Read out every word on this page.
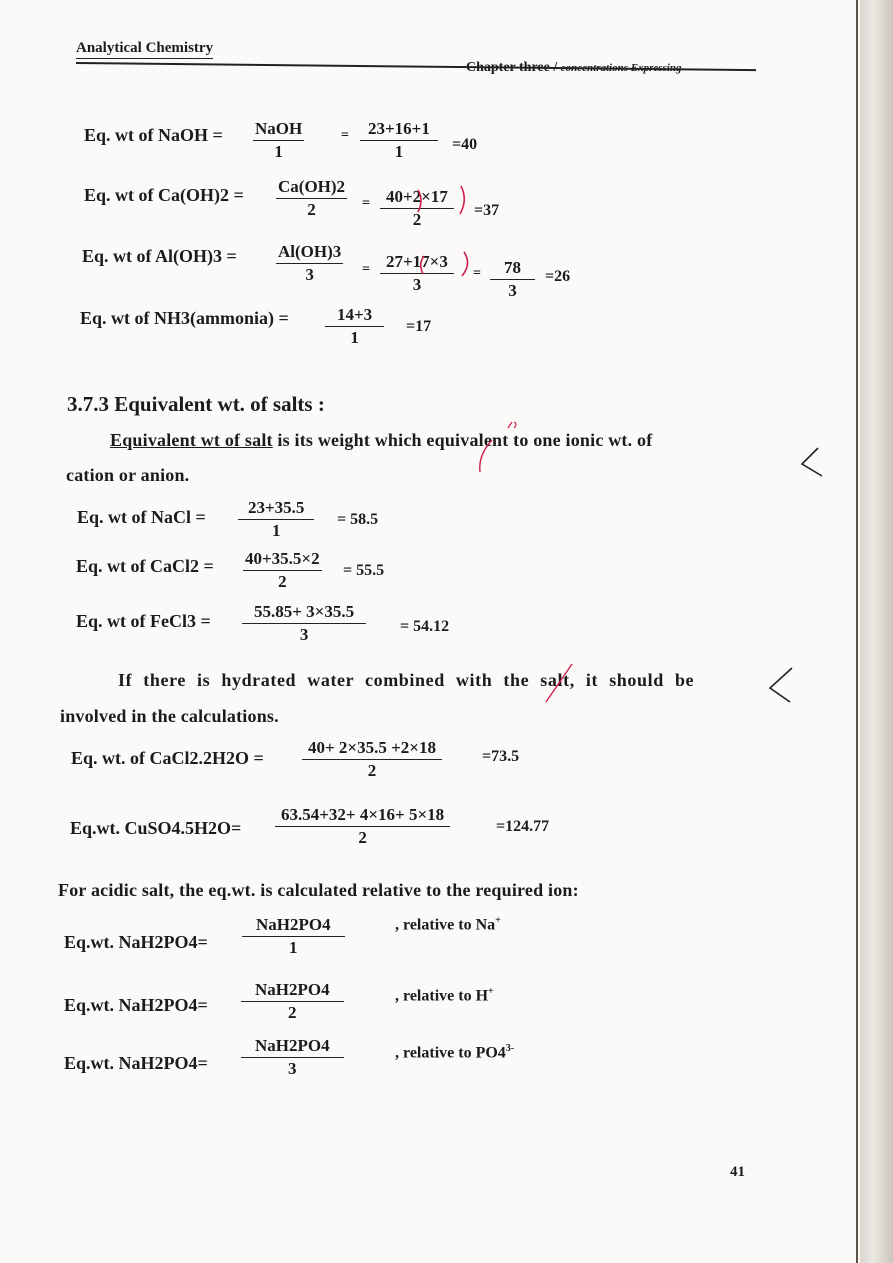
Analytical Chemistry
Eq. wt of NaOH = NaOH
1
= $\frac{23+16+1}{1} =40$
Eq. wt of $Ca(OH)2 = \frac{Ca(OH)2}{2} = \frac{40+2\times 17}{2} =37$
Eq. wt of $Al(OH)3 = \frac{Al(OH)3}{3} = \frac{27+17\times 3}{3} = \frac{78}{3} =26$
Eq. wt of NH3(ammonia) = $\frac{14+3}{1} =17$
3.7.3 Equivalent wt. of salts :
Equivalent wt of salt is its weight which equivalent to one ionic wt. of
cation or anion.
Eq. wt of NaCl = $\frac{23+35.5}{1} = 58.5$
Eq. wt of CaCl2 = $\frac{40+35.5\times 2}{2} = 55.5$
Eq. wt of FeCl3 = $\frac{55.85+ 3\times 35.5}{3} = 54.12$
If there is hydrated water combined with the salt, it should be
involved in the calculations.
Eq. wt. of CaCl2.2H2O = $\frac{40+ 2\times 35.5 +2\times 18}{2}$	=73.5
Eq.wt. CuSO4.5H2O= $\frac{63.54+32+ 4\times 16+ 5\times 18}{2}$	=124.77
For acidic salt, the eq.wt. is calculated relative to the required ion:
Eq.wt. NaH2PO4=
NaH2PO4
1
, relative to Na+
Eq.wt. NaH2PO4=
NaH2PO4
2
, relative to H+
Eq.wt. NaH2PO4=
NaH2PO4
3
, relative to $PO4^{3-}$
41
